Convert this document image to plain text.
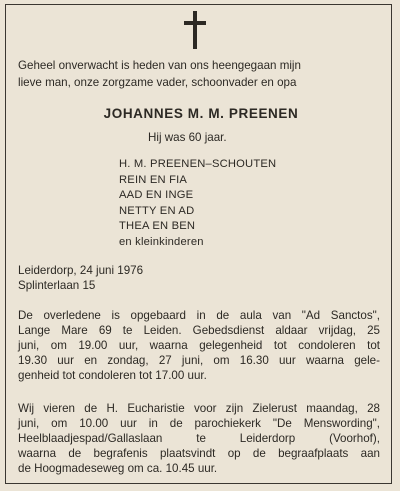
Geheel onverwacht is heden van ons heengegaan mijn
lieve man, onze zorgzame vader, schoonvader en opa
JOHANNES M. M. PREENEN
Hij was 60 jaar.
H. M. PREENEN–SCHOUTEN
REIN EN FIA
AAD EN INGE
NETTY EN AD
THEA EN BEN
en kleinkinderen
Leiderdorp, 24 juni 1976
Splinterlaan 15
De overledene is opgebaard in de aula van "Ad Sanctos",
Lange Mare 69 te Leiden. Gebedsdienst aldaar vrijdag, 25
juni, om 19.00 uur, waarna gelegenheid tot condoleren tot
19.30 uur en zondag, 27 juni, om 16.30 uur waarna gele-
genheid tot condoleren tot 17.00 uur.
Wij vieren de H. Eucharistie voor zijn Zielerust maandag, 28
juni, om 10.00 uur in de parochiekerk "De Menswording",
Heelblaadjespad/Gallaslaan te Leiderdorp (Voorhof),
waarna de begrafenis plaatsvindt op de begraafplaats aan
de Hoogmadeseweg om ca. 10.45 uur.
